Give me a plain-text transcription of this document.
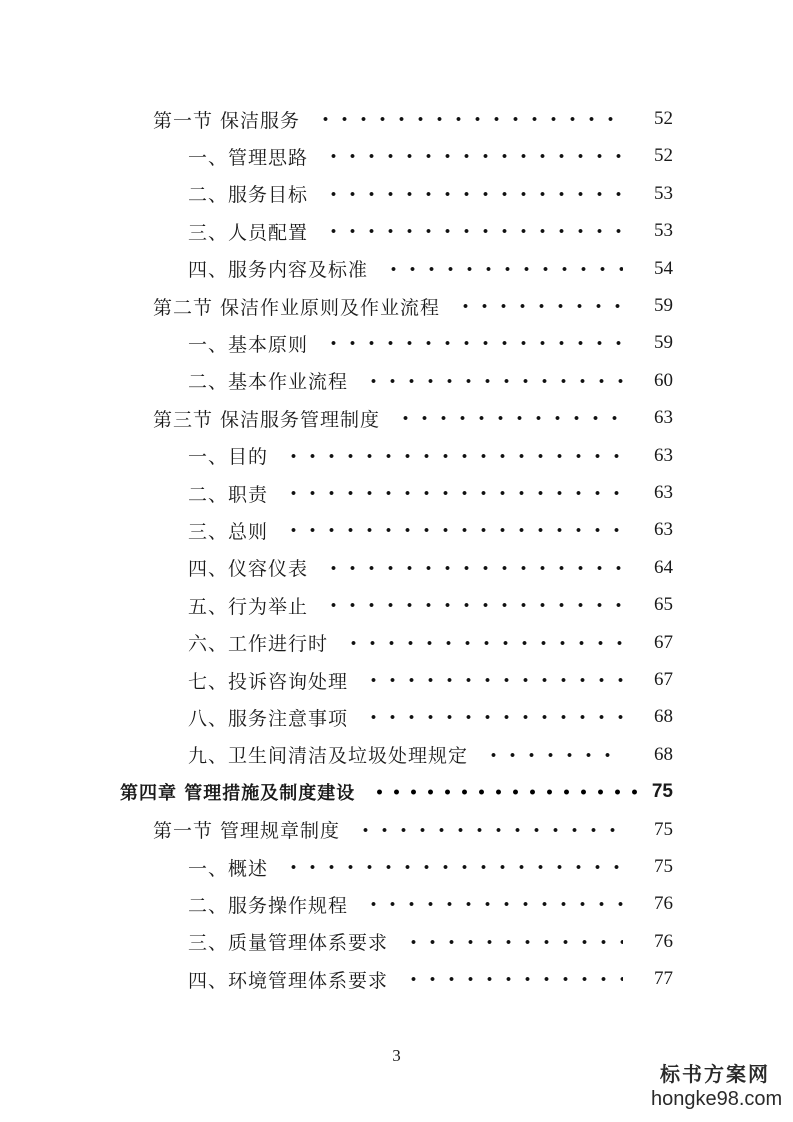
第一节 保洁服务	52
一、管理思路	52
二、服务目标	53
三、人员配置	53
四、服务内容及标准	54
第二节 保洁作业原则及作业流程	59
一、基本原则	59
二、基本作业流程	60
第三节 保洁服务管理制度	63
一、目的	63
二、职责	63
三、总则	63
四、仪容仪表	64
五、行为举止	65
六、工作进行时	67
七、投诉咨询处理	67
八、服务注意事项	68
九、卫生间清洁及垃圾处理规定	68
第四章 管理措施及制度建设	75
第一节 管理规章制度	75
一、概述	75
二、服务操作规程	76
三、质量管理体系要求	76
四、环境管理体系要求	77
3
标书方案网
hongke98.com
